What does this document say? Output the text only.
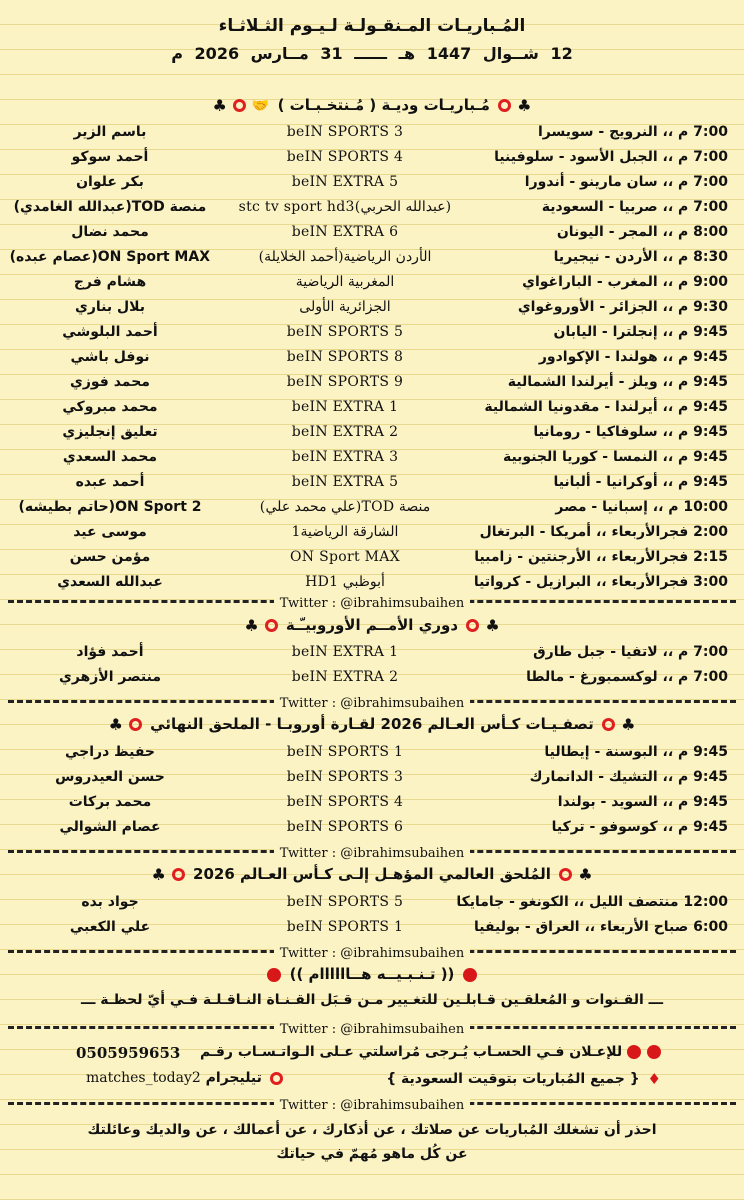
المُـباريـات المـنقـولـة لـيـوم الثـلاثـاء
12 شــوال 1447 هـ ــــــ 31 مــارس 2026 م
♣ مُـباريـات وديـة ( مُـنتخـبـات ) 🤝♣
7:00 م ،، النرويج - سويسرا
beIN SPORTS 3
باسم الزير
7:00 م ،، الجبل الأسود - سلوفينيا
beIN SPORTS 4
أحمد سوكو
7:00 م ،، سان مارينو - أندورا
beIN EXTRA 5
بكر علوان
7:00 م ،، صربيا - السعودية
stc tv sport hd3(عبدالله الحربي)
منصة TOD(عبدالله الغامدي)
8:00 م ،، المجر - اليونان
beIN EXTRA 6
محمد نضال
8:30 م ،، الأردن - نيجيريا
الأردن الرياضية(أحمد الخلايلة)
ON Sport MAX(عصام عبده)
9:00 م ،، المغرب - الباراغواي
المغربية الرياضية
هشام فرج
9:30 م ،، الجزائر - الأوروغواي
الجزائرية الأولى
بلال بناري
9:45 م ،، إنجلترا - اليابان
beIN SPORTS 5
أحمد البلوشي
9:45 م ،، هولندا - الإكوادور
beIN SPORTS 8
نوفل باشي
9:45 م ،، ويلز - أيرلندا الشمالية
beIN SPORTS 9
محمد فوزي
9:45 م ،، أيرلندا - مقدونيا الشمالية
beIN EXTRA 1
محمد مبروكي
9:45 م ،، سلوفاكيا - رومانيا
beIN EXTRA 2
تعليق إنجليزي
9:45 م ،، النمسا - كوريا الجنوبية
beIN EXTRA 3
محمد السعدي
9:45 م ،، أوكرانيا - ألبانيا
beIN EXTRA 5
أحمد عبده
10:00 م ،، إسبانيا - مصر
منصة TOD(علي محمد علي)
ON Sport 2(حاتم بطيشه)
2:00 فجرالأربعاء ،، أمريكا - البرتغال
الشارقة الرياضية1
موسى عيد
2:15 فجرالأربعاء ،، الأرجنتين - زامبيا
ON Sport MAX
مؤمن حسن
3:00 فجرالأربعاء ،، البرازيل - كرواتيا
أبوظبي HD1
عبدالله السعدي
Twitter : @ibrahimsubaihen
♣ دوري الأمــم الأوروبيـّـة ♣
7:00 م ،، لاتفيا - جبل طارق
beIN EXTRA 1
أحمد فؤاد
7:00 م ،، لوكسمبورغ - مالطا
beIN EXTRA 2
منتصر الأزهري
Twitter : @ibrahimsubaihen
♣ تصفـيـات كـأس العـالم 2026 لقـارة أوروبـا - الملحق النهائي ♣
9:45 م ،، البوسنة - إيطاليا
beIN SPORTS 1
حفيظ دراجي
9:45 م ،، التشيك - الدانمارك
beIN SPORTS 3
حسن العيدروس
9:45 م ،، السويد - بولندا
beIN SPORTS 4
محمد بركات
9:45 م ،، كوسوفو - تركيا
beIN SPORTS 6
عصام الشوالي
Twitter : @ibrahimsubaihen
♣ المُلحق العالمي المؤهـل إلـى كـأس العـالم 2026 ♣
12:00 منتصف الليل ،، الكونغو - جامايكا
beIN SPORTS 5
جواد بده
6:00 صباح الأربعاء ،، العراق - بوليفيا
beIN SPORTS 1
علي الكعبي
Twitter : @ibrahimsubaihen
(( تـنـبـيــه هــاااااام ))
ـــ القـنوات و المُعلقـين قـابلـين للتغـيير مـن قـبَل القـنـاة النـاقـلـة فـي أيّ لحظـة ـــ
Twitter : @ibrahimsubaihen
للإعـلان فـي الحسـاب يُـرجى مُراسلتي عـلى الـواتـسـاب رقـم
0505959653
♦ { جميع المُباريات بتوقيت السعودية }
تيليجرام matches_today2
Twitter : @ibrahimsubaihen
احذر أن تشغلك المُباريات عن صلاتك ، عن أذكارك ، عن أعمالك ، عن والديك وعائلتك
عن كُل ماهو مُهمّ في حياتك
